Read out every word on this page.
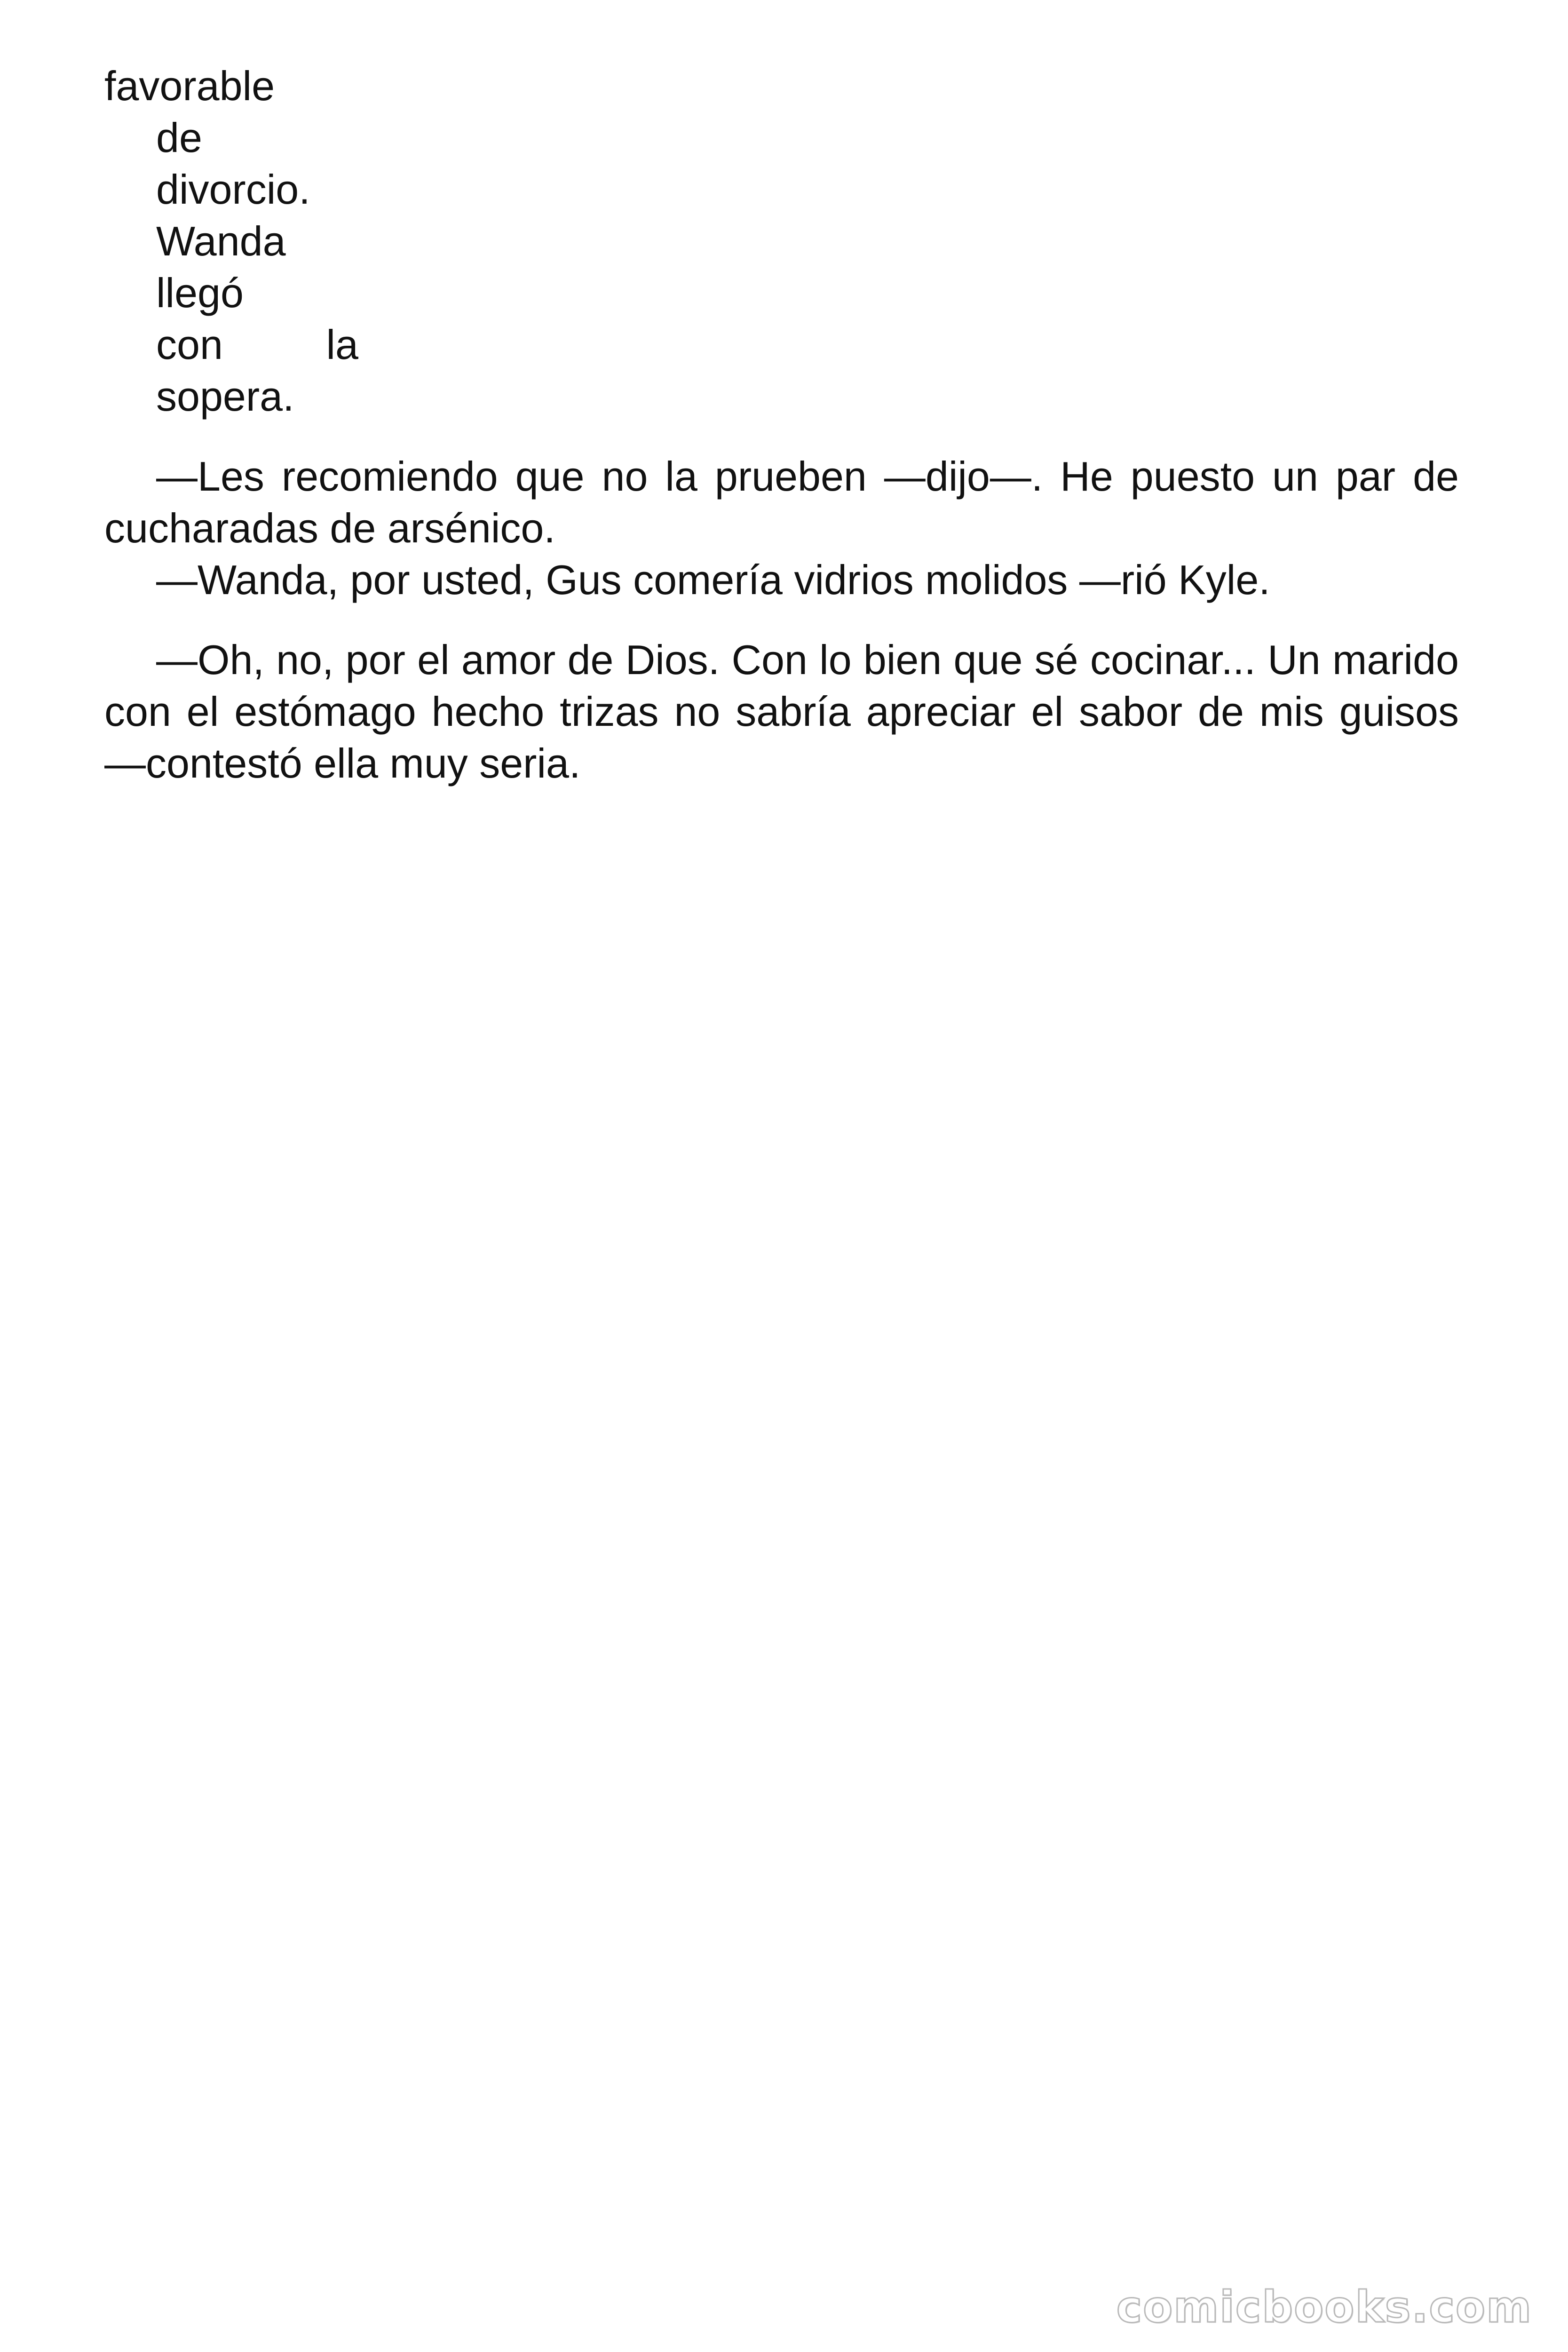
favorable
de
divorcio.
Wanda
llegó
con la
sopera.

—Les recomiendo que no la prueben —dijo—. He puesto un par de cucharadas de arsénico.

—Wanda, por usted, Gus comería vidrios molidos —rió Kyle.

—Oh, no, por el amor de Dios. Con lo bien que sé cocinar... Un marido con el estómago hecho trizas no sabría apreciar el sabor de mis guisos —contestó ella muy seria.

comicbooks.com
